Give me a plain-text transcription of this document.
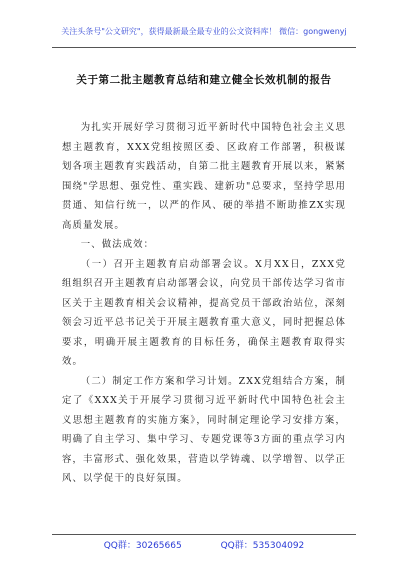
关注头条号"公文研究"，获得最新最全最专业的公文资料库！ 微信：gongwenyj
关于第二批主题教育总结和建立健全长效机制的报告

为扎实开展好学习贯彻习近平新时代中国特色社会主义思想主题教育，XXX党组按照区委、区政府工作部署，积极谋划各项主题教育实践活动，自第二批主题教育开展以来，紧紧围绕"学思想、强党性、重实践、建新功"总要求，坚持学思用贯通、知信行统一，以严的作风、硬的举措不断助推ZX实现高质量发展。

一、做法成效：

（一）召开主题教育启动部署会议。X月XX日，ZXX党组组织召开主题教育启动部署会议，向党员干部传达学习省市区关于主题教育相关会议精神，提高党员干部政治站位，深刻领会习近平总书记关于开展主题教育重大意义，同时把握总体要求，明确开展主题教育的目标任务，确保主题教育取得实效。

（二）制定工作方案和学习计划。ZXX党组结合方案，制定了《XXX关于开展学习贯彻习近平新时代中国特色社会主义思想主题教育的实施方案》，同时制定理论学习安排方案，明确了自主学习、集中学习、专题党课等3方面的重点学习内容，丰富形式、强化效果，营造以学铸魂、以学增智、以学正风、以学促干的良好氛围。

QQ群：30265665	QQ群：535304092
